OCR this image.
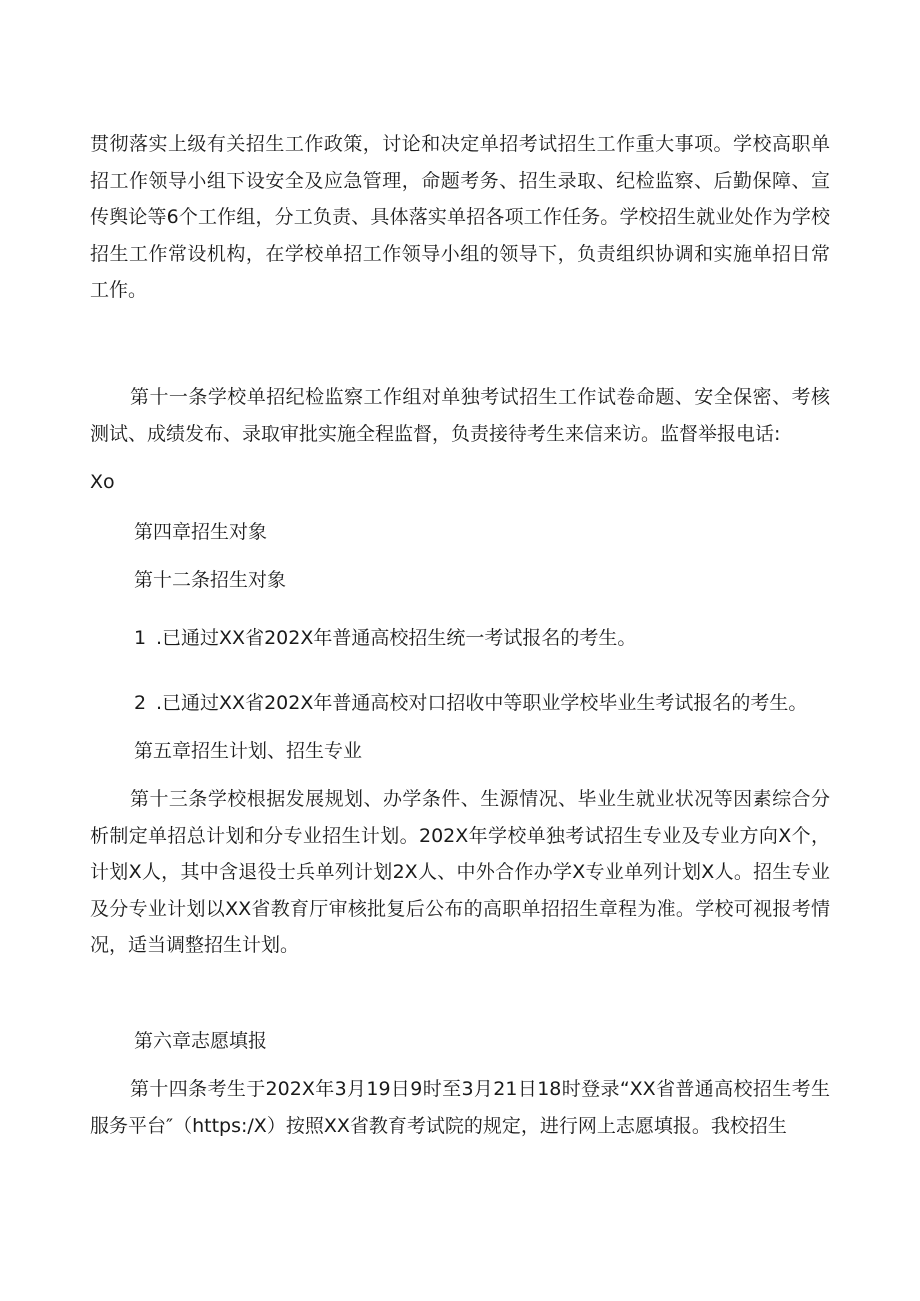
贯彻落实上级有关招生工作政策，讨论和决定单招考试招生工作重大事项。学校高职单招工作领导小组下设安全及应急管理，命题考务、招生录取、纪检监察、后勤保障、宣传舆论等6个工作组，分工负责、具体落实单招各项工作任务。学校招生就业处作为学校招生工作常设机构，在学校单招工作领导小组的领导下，负责组织协调和实施单招日常工作。

第十一条学校单招纪检监察工作组对单独考试招生工作试卷命题、安全保密、考核测试、成绩发布、录取审批实施全程监督，负责接待考生来信来访。监督举报电话:

Xo

第四章招生对象

第十二条招生对象

1 .已通过XX省202X年普通高校招生统一考试报名的考生。

2 .已通过XX省202X年普通高校对口招收中等职业学校毕业生考试报名的考生。

第五章招生计划、招生专业

第十三条学校根据发展规划、办学条件、生源情况、毕业生就业状况等因素综合分析制定单招总计划和分专业招生计划。202X年学校单独考试招生专业及专业方向X个，计划X人，其中含退役士兵单列计划2X人、中外合作办学X专业单列计划X人。招生专业及分专业计划以XX省教育厅审核批复后公布的高职单招招生章程为准。学校可视报考情况，适当调整招生计划。

第六章志愿填报

第十四条考生于202X年3月19日9时至3月21日18时登录“XX省普通高校招生考生服务平台″（https:/X）按照XX省教育考试院的规定，进行网上志愿填报。我校招生
